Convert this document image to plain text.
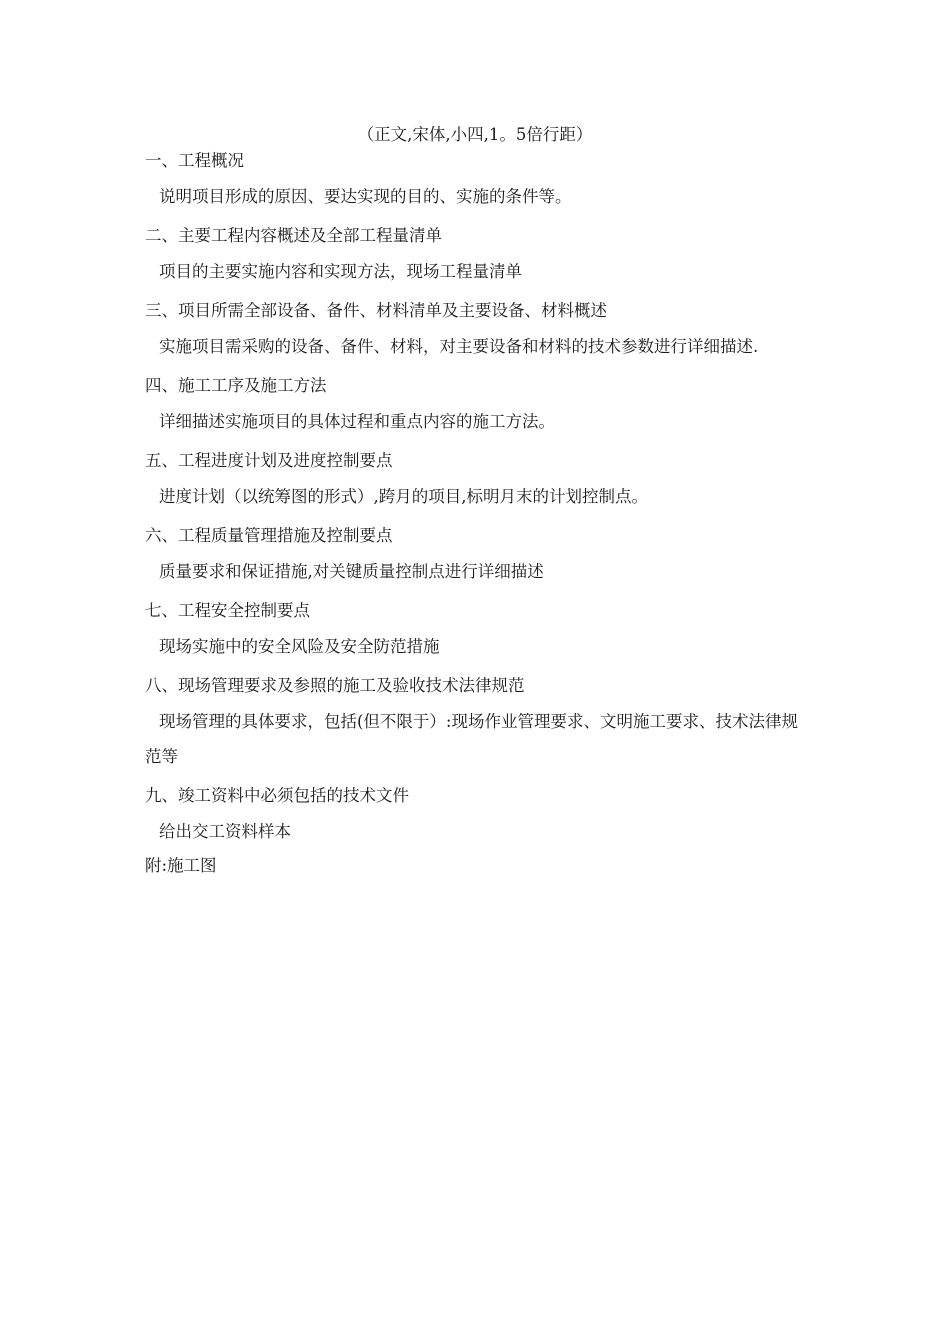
（正文,宋体,小四,1。5倍行距）
一、工程概况
说明项目形成的原因、要达实现的目的、实施的条件等。
二、主要工程内容概述及全部工程量清单
项目的主要实施内容和实现方法，现场工程量清单
三、项目所需全部设备、备件、材料清单及主要设备、材料概述
实施项目需采购的设备、备件、材料，对主要设备和材料的技术参数进行详细描述.
四、施工工序及施工方法
详细描述实施项目的具体过程和重点内容的施工方法。
五、工程进度计划及进度控制要点
进度计划（以统筹图的形式）,跨月的项目,标明月末的计划控制点。
六、工程质量管理措施及控制要点
质量要求和保证措施,对关键质量控制点进行详细描述
七、工程安全控制要点
现场实施中的安全风险及安全防范措施
八、现场管理要求及参照的施工及验收技术法律规范
现场管理的具体要求，包括(但不限于）:现场作业管理要求、文明施工要求、技术法律规范等
九、竣工资料中必须包括的技术文件
给出交工资料样本
附:施工图
